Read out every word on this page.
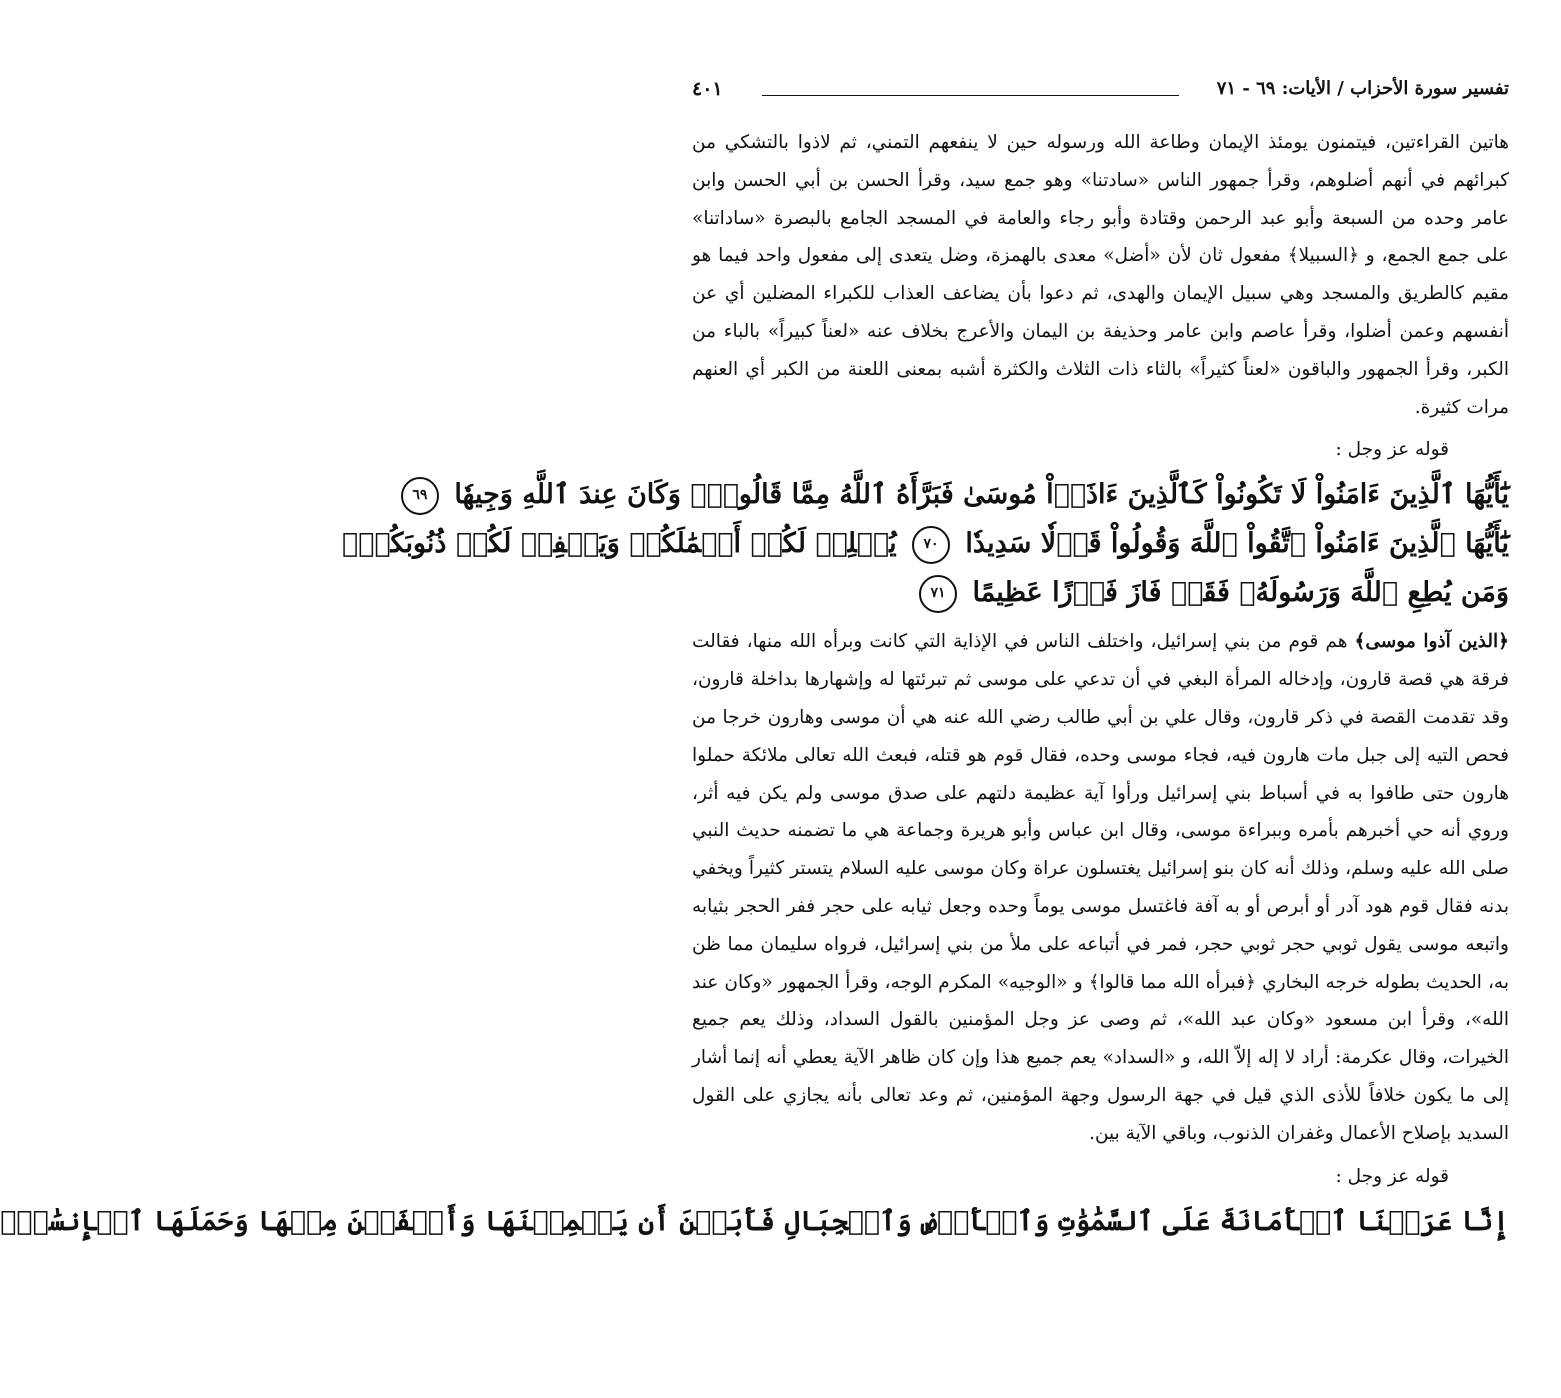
تفسير سورة الأحزاب / الأيات: ٦٩ - ٧١
٤٠١

هاتين القراءتين، فيتمنون يومئذ الإيمان وطاعة الله ورسوله حين لا ينفعهم التمني، ثم لاذوا بالتشكي من كبرائهم في أنهم أضلوهم، وقرأ جمهور الناس «سادتنا» وهو جمع سيد، وقرأ الحسن بن أبي الحسن وابن عامر وحده من السبعة وأبو عبد الرحمن وقتادة وأبو رجاء والعامة في المسجد الجامع بالبصرة «ساداتنا» على جمع الجمع، و ﴿السبيلا﴾ مفعول ثان لأن «أضل» معدى بالهمزة، وضل يتعدى إلى مفعول واحد فيما هو مقيم كالطريق والمسجد وهي سبيل الإيمان والهدى، ثم دعوا بأن يضاعف العذاب للكبراء المضلين أي عن أنفسهم وعمن أضلوا، وقرأ عاصم وابن عامر وحذيفة بن اليمان والأعرج بخلاف عنه «لعناً كبيراً» بالباء من الكبر، وقرأ الجمهور والباقون «لعناً كثيراً» بالثاء ذات الثلاث والكثرة أشبه بمعنى اللعنة من الكبر أي العنهم مرات كثيرة.

قوله عز وجل :

يَٰٓأَيُّهَا ٱلَّذِينَ ءَامَنُواْ لَا تَكُونُواْ كَٱلَّذِينَ ءَاذَوۡاْ مُوسَىٰ فَبَرَّأَهُ ٱللَّهُ مِمَّا قَالُواْۚ وَكَانَ عِندَ ٱللَّهِ وَجِيهٗا ٦٩
يَٰٓأَيُّهَا ٱلَّذِينَ ءَامَنُواْ ٱتَّقُواْ ٱللَّهَ وَقُولُواْ قَوۡلٗا سَدِيدٗا ٧٠ يُصۡلِحۡ لَكُمۡ أَعۡمَٰلَكُمۡ وَيَغۡفِرۡ لَكُمۡ ذُنُوبَكُمۡۗ
وَمَن يُطِعِ ٱللَّهَ وَرَسُولَهُۥ فَقَدۡ فَازَ فَوۡزًا عَظِيمًا ٧١

﴿الذين آذوا موسى﴾ هم قوم من بني إسرائيل، واختلف الناس في الإذاية التي كانت وبرأه الله منها، فقالت فرقة هي قصة قارون، وإدخاله المرأة البغي في أن تدعي على موسى ثم تبرئتها له وإشهارها بداخلة قارون، وقد تقدمت القصة في ذكر قارون، وقال علي بن أبي طالب رضي الله عنه هي أن موسى وهارون خرجا من فحص التيه إلى جبل مات هارون فيه، فجاء موسى وحده، فقال قوم هو قتله، فبعث الله تعالى ملائكة حملوا هارون حتى طافوا به في أسباط بني إسرائيل ورأوا آية عظيمة دلتهم على صدق موسى ولم يكن فيه أثر، وروي أنه حي أخبرهم بأمره وببراءة موسى، وقال ابن عباس وأبو هريرة وجماعة هي ما تضمنه حديث النبي صلى الله عليه وسلم، وذلك أنه كان بنو إسرائيل يغتسلون عراة وكان موسى عليه السلام يتستر كثيراً ويخفي بدنه فقال قوم هود آدر أو أبرص أو به آفة فاغتسل موسى يوماً وحده وجعل ثيابه على حجر ففر الحجر بثيابه واتبعه موسى يقول ثوبي حجر ثوبي حجر، فمر في أتباعه على ملأ من بني إسرائيل، فرواه سليمان مما ظن به، الحديث بطوله خرجه البخاري ﴿فبرأه الله مما قالوا﴾ و «الوجيه» المكرم الوجه، وقرأ الجمهور «وكان عند الله»، وقرأ ابن مسعود «وكان عبد الله»، ثم وصى عز وجل المؤمنين بالقول السداد، وذلك يعم جميع الخيرات، وقال عكرمة: أراد لا إله إلاّ الله، و «السداد» يعم جميع هذا وإن كان ظاهر الآية يعطي أنه إنما أشار إلى ما يكون خلافاً للأذى الذي قيل في جهة الرسول وجهة المؤمنين، ثم وعد تعالى بأنه يجازي على القول السديد بإصلاح الأعمال وغفران الذنوب، وباقي الآية بين.

قوله عز وجل :

إِنَّا عَرَضۡنَا ٱلۡأَمَانَةَ عَلَى ٱلسَّمَٰوَٰتِ وَٱلۡأَرۡضِ وَٱلۡجِبَالِ فَأَبَيۡنَ أَن يَحۡمِلۡنَهَا وَأَشۡفَقۡنَ مِنۡهَا وَحَمَلَهَا ٱلۡإِنسَٰنُۖ
